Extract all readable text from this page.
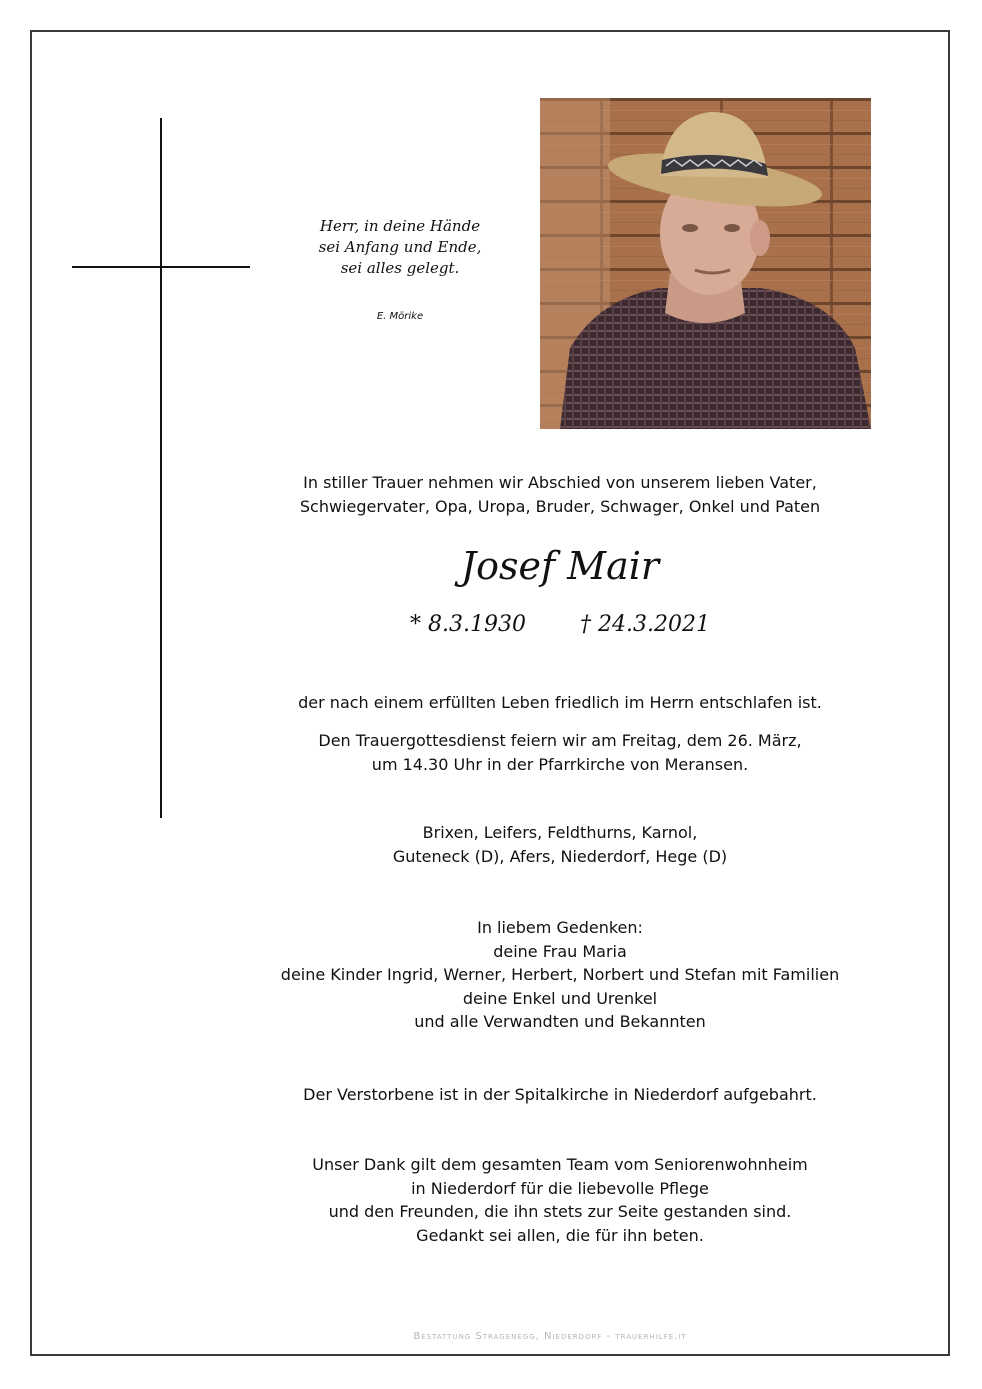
Herr, in deine Hände
sei Anfang und Ende,
sei alles gelegt.
E. Mörike
In stiller Trauer nehmen wir Abschied von unserem lieben Vater,
Schwiegervater, Opa, Uropa, Bruder, Schwager, Onkel und Paten
Josef Mair
* 8.3.1930 † 24.3.2021
der nach einem erfüllten Leben friedlich im Herrn entschlafen ist.
Den Trauergottesdienst feiern wir am Freitag, dem 26. März,
um 14.30 Uhr in der Pfarrkirche von Meransen.
Brixen, Leifers, Feldthurns, Karnol,
Guteneck (D), Afers, Niederdorf, Hege (D)
In liebem Gedenken:
deine Frau Maria
deine Kinder Ingrid, Werner, Herbert, Norbert und Stefan mit Familien
deine Enkel und Urenkel
und alle Verwandten und Bekannten
Der Verstorbene ist in der Spitalkirche in Niederdorf aufgebahrt.
Unser Dank gilt dem gesamten Team vom Seniorenwohnheim
in Niederdorf für die liebevolle Pflege
und den Freunden, die ihn stets zur Seite gestanden sind.
Gedankt sei allen, die für ihn beten.
Bestattung Stragenegg, Niederdorf - trauerhilfe.it
